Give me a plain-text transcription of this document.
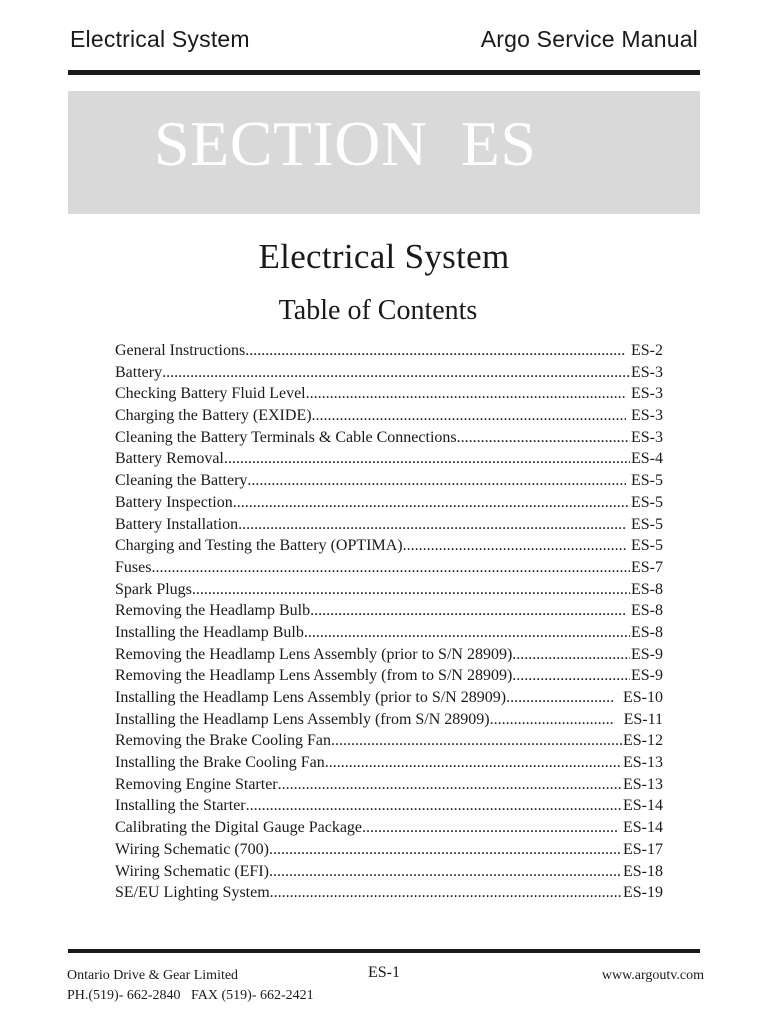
Electrical System	Argo Service Manual
SECTION  ES
Electrical System
Table of Contents
General Instructions .....	ES-2
Battery .....	ES-3
Checking Battery Fluid Level .....	ES-3
Charging the Battery (EXIDE) .....	ES-3
Cleaning the Battery Terminals & Cable Connections .....	ES-3
Battery Removal .....	ES-4
Cleaning the Battery .....	ES-5
Battery Inspection .....	ES-5
Battery Installation .....	ES-5
Charging and Testing the Battery (OPTIMA) .....	ES-5
Fuses .....	ES-7
Spark Plugs .....	ES-8
Removing the Headlamp Bulb .....	ES-8
Installing the Headlamp Bulb .....	ES-8
Removing the Headlamp Lens Assembly (prior to S/N 28909) .....	ES-9
Removing the Headlamp Lens Assembly (from to S/N 28909) .....	ES-9
Installing the Headlamp Lens Assembly (prior to S/N 28909) .....	ES-10
Installing the Headlamp Lens Assembly (from S/N 28909) .....	ES-11
Removing the Brake Cooling Fan .....	ES-12
Installing the Brake Cooling Fan .....	ES-13
Removing Engine Starter .....	ES-13
Installing the Starter .....	ES-14
Calibrating the Digital Gauge Package .....	ES-14
Wiring Schematic (700) .....	ES-17
Wiring Schematic (EFI) .....	ES-18
SE/EU Lighting System .....	ES-19
Ontario Drive & Gear Limited
PH.(519)- 662-2840   FAX (519)- 662-2421
ES-1	www.argoutv.com
